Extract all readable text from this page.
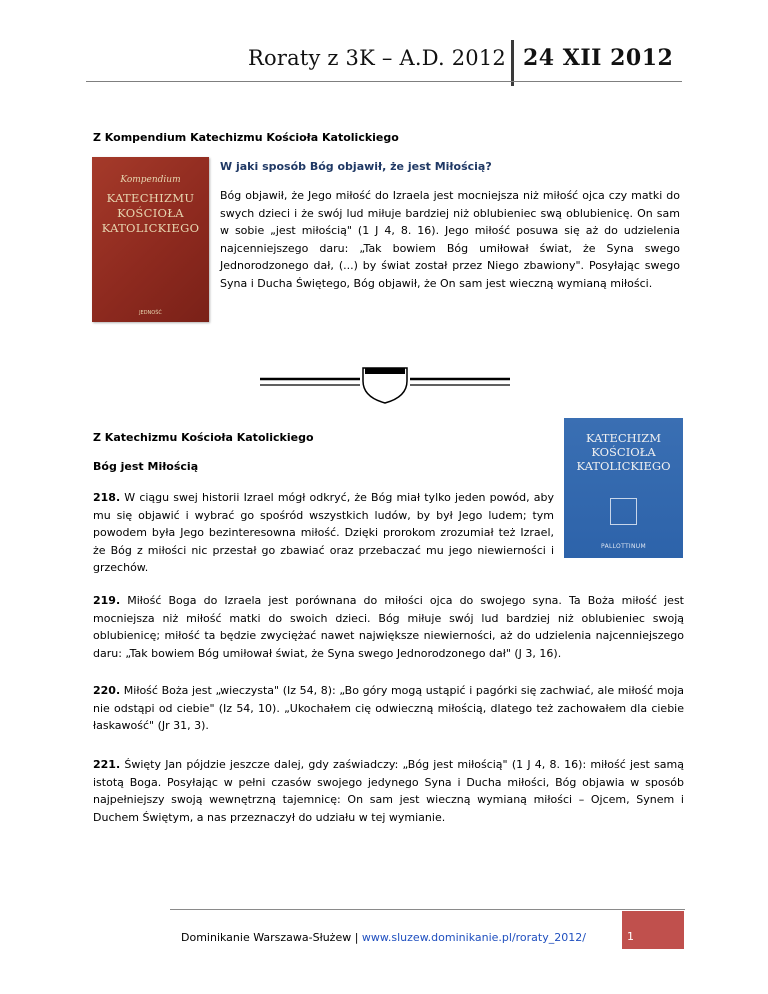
Roraty z 3K – A.D. 2012 24 XII 2012
Z Kompendium Katechizmu Kościoła Katolickiego
Kompendium
KATECHIZMU
KOŚCIOŁA
KATOLICKIEGO
JEDNOŚĆ
W jaki sposób Bóg objawił, że jest Miłością?
Bóg objawił, że Jego miłość do Izraela jest mocniejsza niż miłość ojca czy matki do swych dzieci i że swój lud miłuje bardziej niż oblubieniec swą oblubienicę. On sam w sobie „jest miłością" (1 J 4, 8. 16). Jego miłość posuwa się aż do udzielenia najcenniejszego daru: „Tak bowiem Bóg umiłował świat, że Syna swego Jednorodzonego dał, (...) by świat został przez Niego zbawiony". Posyłając swego Syna i Ducha Świętego, Bóg objawił, że On sam jest wieczną wymianą miłości.
Z Katechizmu Kościoła Katolickiego
Bóg jest Miłością
KATECHIZM
KOŚCIOŁA
KATOLICKIEGO
PALLOTTINUM
218. W ciągu swej historii Izrael mógł odkryć, że Bóg miał tylko jeden powód, aby mu się objawić i wybrać go spośród wszystkich ludów, by był Jego ludem; tym powodem była Jego bezinteresowna miłość. Dzięki prorokom zrozumiał też Izrael, że Bóg z miłości nic przestał go zbawiać oraz przebaczać mu jego niewierności i grzechów.
219. Miłość Boga do Izraela jest porównana do miłości ojca do swojego syna. Ta Boża miłość jest mocniejsza niż miłość matki do swoich dzieci. Bóg miłuje swój lud bardziej niż oblubieniec swoją oblubienicę; miłość ta będzie zwyciężać nawet największe niewierności, aż do udzielenia najcenniejszego daru: „Tak bowiem Bóg umiłował świat, że Syna swego Jednorodzonego dał" (J 3, 16).
220. Miłość Boża jest „wieczysta" (Iz 54, 8): „Bo góry mogą ustąpić i pagórki się zachwiać, ale miłość moja nie odstąpi od ciebie" (Iz 54, 10). „Ukochałem cię odwieczną miłością, dlatego też zachowałem dla ciebie łaskawość" (Jr 31, 3).
221. Święty Jan pójdzie jeszcze dalej, gdy zaświadczy: „Bóg jest miłością" (1 J 4, 8. 16): miłość jest samą istotą Boga. Posyłając w pełni czasów swojego jedynego Syna i Ducha miłości, Bóg objawia w sposób najpełniejszy swoją wewnętrzną tajemnicę: On sam jest wieczną wymianą miłości – Ojcem, Synem i Duchem Świętym, a nas przeznaczył do udziału w tej wymianie.
Dominikanie Warszawa-Służew | www.sluzew.dominikanie.pl/roraty_2012/	1
